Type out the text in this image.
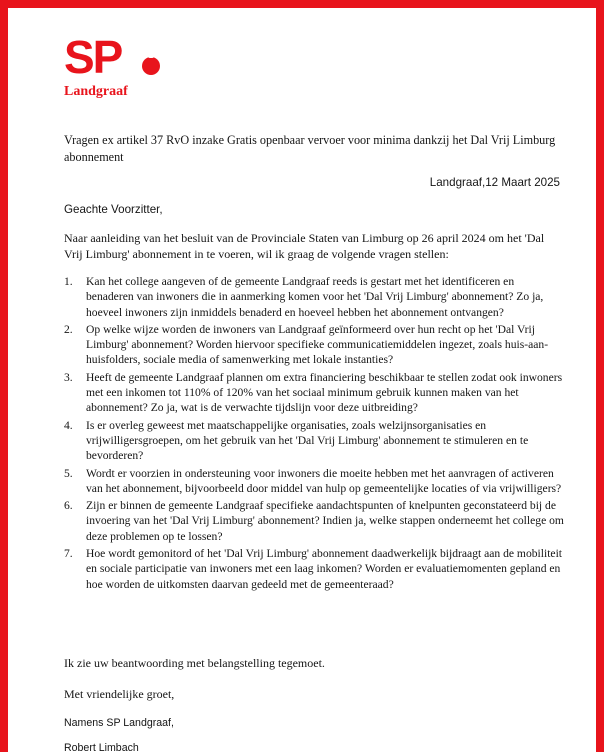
SP
Landgraaf
Vragen ex artikel 37 RvO inzake Gratis openbaar vervoer voor minima dankzij het Dal Vrij Limburg abonnement
Landgraaf,12 Maart 2025
Geachte Voorzitter,
Naar aanleiding van het besluit van de Provinciale Staten van Limburg op 26 april 2024 om het 'Dal Vrij Limburg' abonnement in te voeren, wil ik graag de volgende vragen stellen:
1. Kan het college aangeven of de gemeente Landgraaf reeds is gestart met het identificeren en benaderen van inwoners die in aanmerking komen voor het 'Dal Vrij Limburg' abonnement? Zo ja, hoeveel inwoners zijn inmiddels benaderd en hoeveel hebben het abonnement ontvangen?
2. Op welke wijze worden de inwoners van Landgraaf geïnformeerd over hun recht op het 'Dal Vrij Limburg' abonnement? Worden hiervoor specifieke communicatiemiddelen ingezet, zoals huis-aan-huisfolders, sociale media of samenwerking met lokale instanties?
3. Heeft de gemeente Landgraaf plannen om extra financiering beschikbaar te stellen zodat ook inwoners met een inkomen tot 110% of 120% van het sociaal minimum gebruik kunnen maken van het abonnement? Zo ja, wat is de verwachte tijdslijn voor deze uitbreiding?
4. Is er overleg geweest met maatschappelijke organisaties, zoals welzijnsorganisaties en vrijwilligersgroepen, om het gebruik van het 'Dal Vrij Limburg' abonnement te stimuleren en te bevorderen?
5. Wordt er voorzien in ondersteuning voor inwoners die moeite hebben met het aanvragen of activeren van het abonnement, bijvoorbeeld door middel van hulp op gemeentelijke locaties of via vrijwilligers?
6. Zijn er binnen de gemeente Landgraaf specifieke aandachtspunten of knelpunten geconstateerd bij de invoering van het 'Dal Vrij Limburg' abonnement? Indien ja, welke stappen onderneemt het college om deze problemen op te lossen?
7. Hoe wordt gemonitord of het 'Dal Vrij Limburg' abonnement daadwerkelijk bijdraagt aan de mobiliteit en sociale participatie van inwoners met een laag inkomen? Worden er evaluatiemomenten gepland en hoe worden de uitkomsten daarvan gedeeld met de gemeenteraad?
Ik zie uw beantwoording met belangstelling tegemoet.
Met vriendelijke groet,
Namens SP Landgraaf,
Robert Limbach
